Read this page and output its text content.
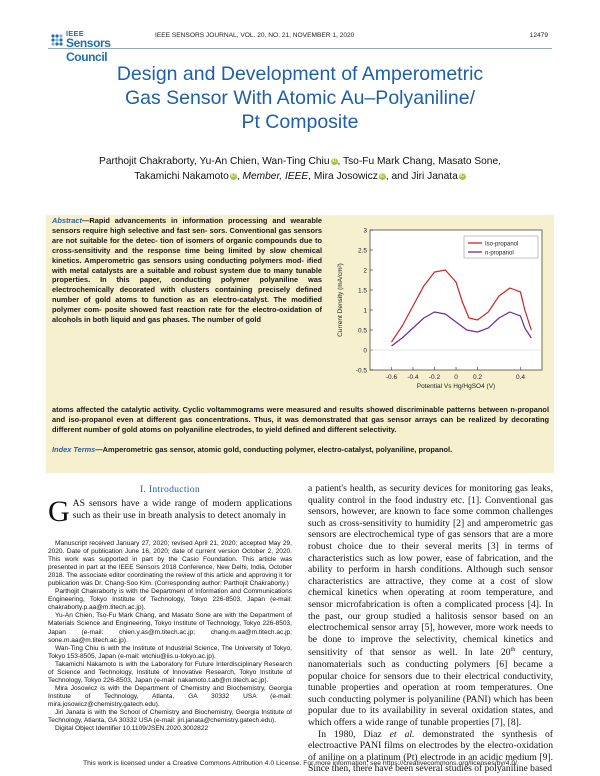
IEEE
Sensors Council
IEEE SENSORS JOURNAL, VOL. 20, NO. 21, NOVEMBER 1, 2020	12479
Design and Development of Amperometric
Gas Sensor With Atomic Au–Polyaniline/
Pt Composite
Parthojit Chakraborty, Yu-An Chien, Wan-Ting Chiu iD, Tso-Fu Mark Chang, Masato Sone,
Takamichi Nakamoto iD, Member, IEEE, Mira Josowicz iD, and Jiri Janata iD
Abstract—Rapid advancements in information processing and wearable sensors require high selective and fast sen- sors. Conventional gas sensors are not suitable for the detec- tion of isomers of organic compounds due to cross-sensitivity and the response time being limited by slow chemical kinetics. Amperometric gas sensors using conducting polymers mod- ified with metal catalysts are a suitable and robust system due to many tunable properties. In this paper, conducting polymer polyaniline was electrochemically decorated with clusters containing precisely defined number of gold atoms to function as an electro-catalyst. The modified polymer com- posite showed fast reaction rate for the electro-oxidation of alcohols in both liquid and gas phases. The number of gold
atoms affected the catalytic activity. Cyclic voltammograms were measured and results showed discriminable patterns between n-propanol and iso-propanol even at different gas concentrations. Thus, it was demonstrated that gas sensor arrays can be realized by decorating different number of gold atoms on polyaniline electrodes, to yield defined and different selectivity.
Index Terms—Amperometric gas sensor, atomic gold, conducting polymer, electro-catalyst, polyaniline, propanol.
-0.5
0
0.5
1
1.5
2
2.5
3
-0.6 -0.4 -0.2 0 0.2	0.4
Potential Vs Hg/HgSO4 (V)
Current Density (mA/cm²)
Iso-propanol
n-propanol
I. Introduction
GAS sensors have a wide range of modern applications such as their use in breath analysis to detect anomaly in

Manuscript received January 27, 2020; revised April 21, 2020; accepted May 29, 2020. Date of publication June 16, 2020; date of current version October 2, 2020. This work was supported in part by the Casio Foundation. This article was presented in part at the IEEE Sensors 2018 Conference, New Delhi, India, October 2018. The associate editor coordinating the review of this article and approving it for publication was Dr. Chang-Soo Kim. (Corresponding author: Parthojit Chakraborty.)

Parthojit Chakraborty is with the Department of Information and Communications Engineering, Tokyo Institute of Technology, Tokyo 226-8503, Japan (e-mail: chakraborty.p.aa@m.titech.ac.jp).

Yu-An Chien, Tso-Fu Mark Chang, and Masato Sone are with the Department of Materials Science and Engineering, Tokyo Institute of Technology, Tokyo 226-8503, Japan (e-mail: chien.y.as@m.titech.ac.jp; chang.m.aa@m.titech.ac.jp; sone.m.aa@m.titech.ac.jp).

Wan-Ting Chiu is with the Institute of Industrial Science, The University of Tokyo, Tokyo 153-8505, Japan (e-mail: wtchiu@iis.u-tokyo.ac.jp).

Takamichi Nakamoto is with the Laboratory for Future Interdisciplinary Research of Science and Technology, Institute of Innovative Research, Tokyo Institute of Technology, Tokyo 226-8503, Japan (e-mail: nakamoto.t.ab@m.titech.ac.jp).

Mira Josowicz is with the Department of Chemistry and Biochemistry, Georgia Institute of Technology, Atlanta, GA 30332 USA (e-mail: mira.josowicz@chemistry.gatech.edu).

Jiri Janata is with the School of Chemistry and Biochemistry, Georgia Institute of Technology, Atlanta, GA 30332 USA (e-mail: jiri.janata@chemistry.gatech.edu).

Digital Object Identifier 10.1109/JSEN.2020.3002822

a patient's health, as security devices for monitoring gas leaks, quality control in the food industry etc. [1]. Conventional gas sensors, however, are known to face some common challenges such as cross-sensitivity to humidity [2] and amperometric gas sensors are electrochemical type of gas sensors that are a more robust choice due to their several merits [3] in terms of characteristics such as low power, ease of fabrication, and the ability to perform in harsh conditions. Although such sensor characteristics are attractive, they come at a cost of slow chemical kinetics when operating at room temperature, and sensor microfabrication is often a complicated process [4]. In the past, our group studied a halitosis sensor based on an electrochemical sensor array [5], however, more work needs to be done to improve the selectivity, chemical kinetics and sensitivity of that sensor as well. In late 20th century, nanomaterials such as conducting polymers [6] became a popular choice for sensors due to their electrical conductivity, tunable properties and operation at room temperatures. One such conducting polymer is polyaniline (PANI) which has been popular due to its availability in several oxidation states, and which offers a wide range of tunable properties [7], [8].

In 1980, Diaz et al. demonstrated the synthesis of electroactive PANI films on electrodes by the electro-oxidation of aniline on a platinum (Pt) electrode in an acidic medium [9]. Since then, there have been several studies of polyaniline based

This work is licensed under a Creative Commons Attribution 4.0 License. For more information, see https://creativecommons.org/licenses/by/4.0/
